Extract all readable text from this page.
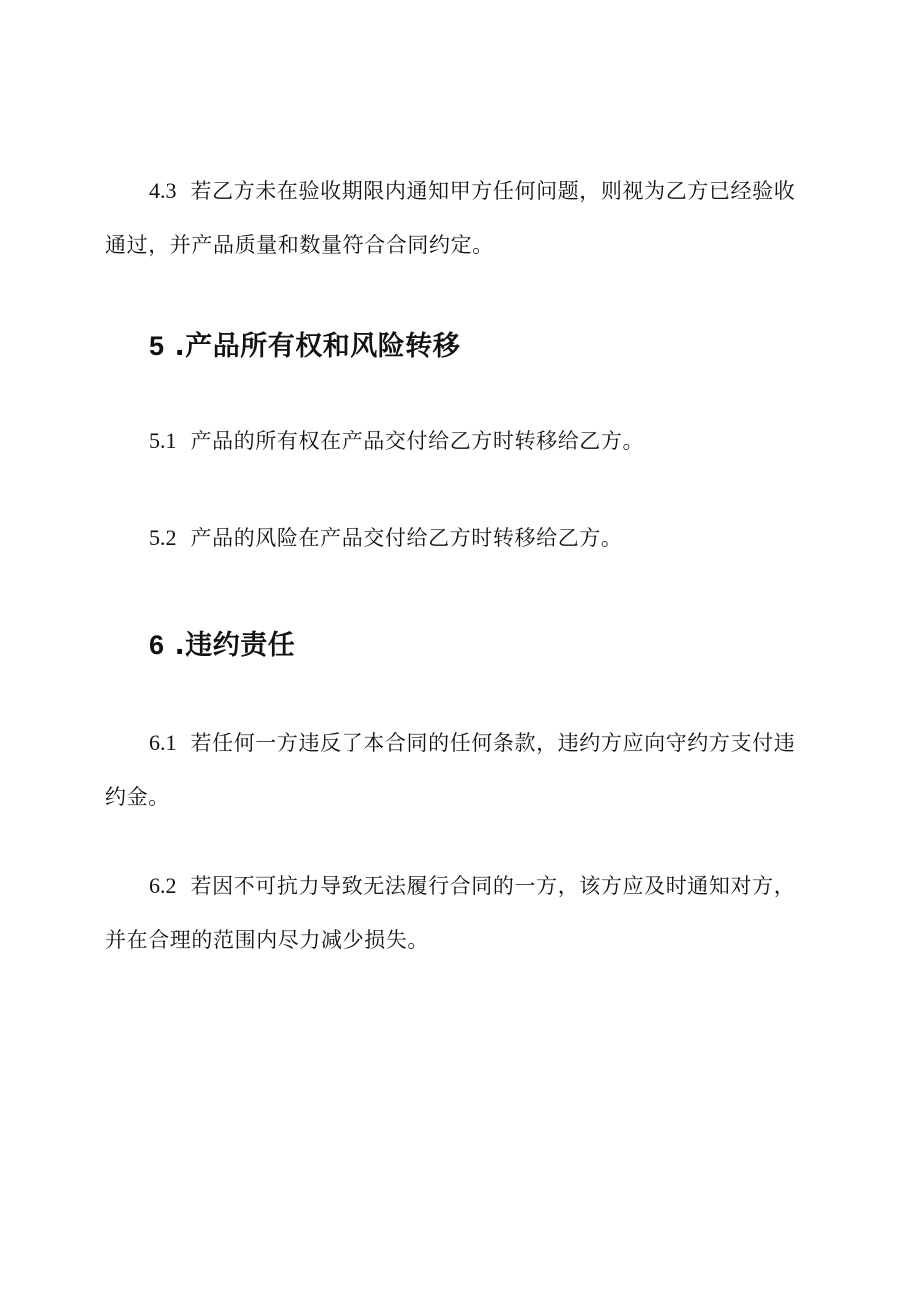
4.3 若乙方未在验收期限内通知甲方任何问题，则视为乙方已经验收通过，并产品质量和数量符合合同约定。

5 .产品所有权和风险转移

5.1 产品的所有权在产品交付给乙方时转移给乙方。

5.2 产品的风险在产品交付给乙方时转移给乙方。

6 .违约责任

6.1 若任何一方违反了本合同的任何条款，违约方应向守约方支付违约金。

6.2 若因不可抗力导致无法履行合同的一方，该方应及时通知对方，并在合理的范围内尽力减少损失。
